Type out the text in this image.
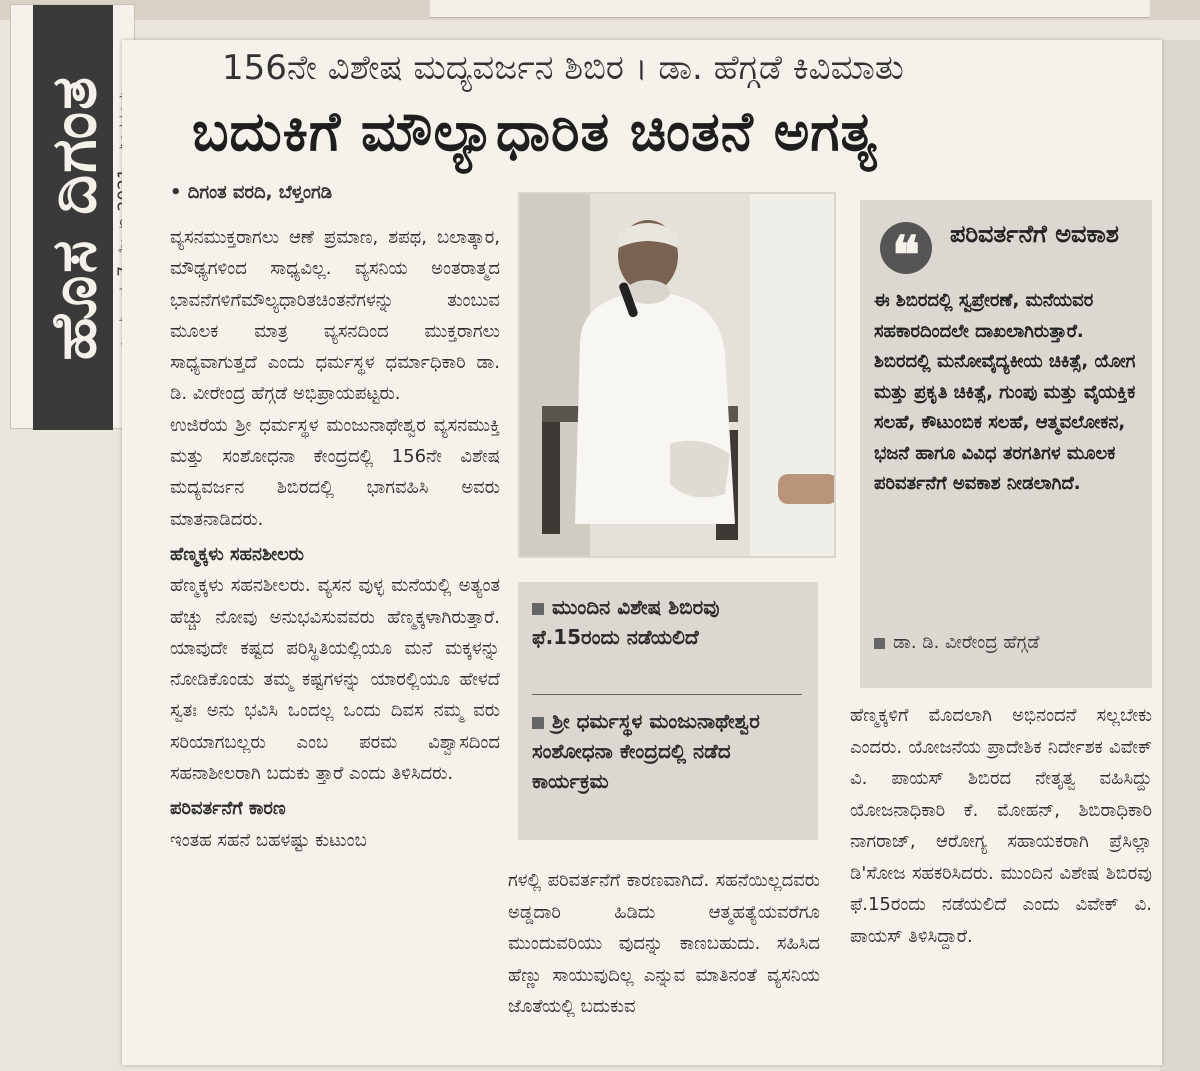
ಹೊಸ ದಿಗಂತ
156ನೇ ವಿಶೇಷ ಮದ್ಯವರ್ಜನ ಶಿಬಿರ । ಡಾ. ಹೆಗ್ಗಡೆ ಕಿವಿಮಾತು
ಬದುಕಿಗೆ ಮೌಲ್ಯಾಧಾರಿತ ಚಿಂತನೆ ಅಗತ್ಯ
• ದಿಗಂತ ವರದಿ, ಬೆಳ್ತಂಗಡಿ

ವ್ಯಸನಮುಕ್ತರಾಗಲು ಆಣೆ ಪ್ರಮಾಣ, ಶಪಥ, ಬಲಾತ್ಕಾರ, ಮೌಢ್ಯಗಳಿಂದ ಸಾಧ್ಯವಿಲ್ಲ. ವ್ಯಸನಿಯ ಅಂತರಾತ್ಮದ ಭಾವನೆಗಳಿಗೆಮೌಲ್ಯಧಾರಿತಚಿಂತನೆಗಳನ್ನು ತುಂಬುವ ಮೂಲಕ ಮಾತ್ರ ವ್ಯಸನದಿಂದ ಮುಕ್ತರಾಗಲು ಸಾಧ್ಯವಾಗುತ್ತದೆ ಎಂದು ಧರ್ಮಸ್ಥಳ ಧರ್ಮಾಧಿಕಾರಿ ಡಾ. ಡಿ. ವೀರೇಂದ್ರ ಹೆಗ್ಗಡೆ ಅಭಿಪ್ರಾಯಪಟ್ಟರು.

ಉಜಿರೆಯ ಶ್ರೀ ಧರ್ಮಸ್ಥಳ ಮಂಜುನಾಥೇಶ್ವರ ವ್ಯಸನಮುಕ್ತಿ ಮತ್ತು ಸಂಶೋಧನಾ ಕೇಂದ್ರದಲ್ಲಿ 156ನೇ ವಿಶೇಷ ಮದ್ಯವರ್ಜನ ಶಿಬಿರದಲ್ಲಿ ಭಾಗವಹಿಸಿ ಅವರು ಮಾತನಾಡಿದರು.

ಹೆಣ್ಮಕ್ಕಳು ಸಹನಶೀಲರು

ಹೆಣ್ಮಕ್ಕಳು ಸಹನಶೀಲರು. ವ್ಯಸನ ವುಳ್ಳ ಮನೆಯಲ್ಲಿ ಅತ್ಯಂತ ಹೆಚ್ಚು ನೋವು ಅನುಭವಿಸುವವರು ಹೆಣ್ಮಕ್ಕಳಾಗಿರುತ್ತಾರೆ. ಯಾವುದೇ ಕಷ್ಟದ ಪರಿಸ್ಥಿತಿಯಲ್ಲಿಯೂ ಮನೆ ಮಕ್ಕಳನ್ನು ನೋಡಿಕೊಂಡು ತಮ್ಮ ಕಷ್ಟಗಳನ್ನು ಯಾರಲ್ಲಿಯೂ ಹೇಳದೆ ಸ್ವತಃ ಅನು ಭವಿಸಿ ಒಂದಲ್ಲ ಒಂದು ದಿವಸ ನಮ್ಮ ವರು ಸರಿಯಾಗಬಲ್ಲರು ಎಂಬ ಪರಮ ವಿಶ್ವಾಸದಿಂದ ಸಹನಾಶೀಲರಾಗಿ ಬದುಕು ತ್ತಾರೆ ಎಂದು ತಿಳಿಸಿದರು.

ಪರಿವರ್ತನೆಗೆ ಕಾರಣ

ಇಂತಹ ಸಹನೆ ಬಹಳಷ್ಟು ಕುಟುಂಬ

ಮುಂದಿನ ವಿಶೇಷ ಶಿಬಿರವು ಫೆ.15ರಂದು ನಡೆಯಲಿದೆ
ಶ್ರೀ ಧರ್ಮಸ್ಥಳ ಮಂಜುನಾಥೇಶ್ವರ ಸಂಶೋಧನಾ ಕೇಂದ್ರದಲ್ಲಿ ನಡೆದ ಕಾರ್ಯಕ್ರಮ
ಗಳಲ್ಲಿ ಪರಿವರ್ತನೆಗೆ ಕಾರಣವಾಗಿದೆ. ಸಹನೆಯಿಲ್ಲದವರು ಅಡ್ಡದಾರಿ ಹಿಡಿದು ಆತ್ಮಹತ್ಯೆಯವರೆಗೂ ಮುಂದುವರಿಯು ವುದನ್ನು ಕಾಣಬಹುದು. ಸಹಿಸಿದ ಹೆಣ್ಣು ಸಾಯುವುದಿಲ್ಲ ಎನ್ನುವ ಮಾತಿನಂತೆ ವ್ಯಸನಿಯ ಜೊತೆಯಲ್ಲಿ ಬದುಕುವ
❝	ಪರಿವರ್ತನೆಗೆ ಅವಕಾಶ
ಈ ಶಿಬಿರದಲ್ಲಿ ಸ್ವಪ್ರೇರಣೆ, ಮನೆಯವರ ಸಹಕಾರದಿಂದಲೇ ದಾಖಲಾಗಿರುತ್ತಾರೆ. ಶಿಬಿರದಲ್ಲಿ ಮನೋವೈದ್ಯಕೀಯ ಚಿಕಿತ್ಸೆ, ಯೋಗ ಮತ್ತು ಪ್ರಕೃತಿ ಚಿಕಿತ್ಸೆ, ಗುಂಪು ಮತ್ತು ವೈಯಕ್ತಿಕ ಸಲಹೆ, ಕೌಟುಂಬಿಕ ಸಲಹೆ, ಆತ್ಮವಲೋಕನ, ಭಜನೆ ಹಾಗೂ ವಿವಿಧ ತರಗತಿಗಳ ಮೂಲಕ ಪರಿವರ್ತನೆಗೆ ಅವಕಾಶ ನೀಡಲಾಗಿದೆ.
ಡಾ. ಡಿ. ವೀರೇಂದ್ರ ಹೆಗ್ಗಡೆ
ಹೆಣ್ಮಕ್ಕಳಿಗೆ ಮೊದಲಾಗಿ ಅಭಿನಂದನೆ ಸಲ್ಲಬೇಕು ಎಂದರು. ಯೋಜನೆಯ ಪ್ರಾದೇಶಿಕ ನಿರ್ದೇಶಕ ವಿವೇಕ್ ವಿ. ಪಾಯಸ್ ಶಿಬಿರದ ನೇತೃತ್ವ ವಹಿಸಿದ್ದು ಯೋಜನಾಧಿಕಾರಿ ಕೆ. ಮೋಹನ್, ಶಿಬಿರಾಧಿಕಾರಿ ನಾಗರಾಜ್, ಆರೋಗ್ಯ ಸಹಾಯಕರಾಗಿ ಪ್ರೆಸಿಲ್ಲಾ ಡಿ'ಸೋಜ ಸಹಕರಿಸಿದರು. ಮುಂದಿನ ವಿಶೇಷ ಶಿಬಿರವು ಫೆ.15ರಂದು ನಡೆಯಲಿದೆ ಎಂದು ವಿವೇಕ್ ವಿ. ಪಾಯಸ್ ತಿಳಿಸಿದ್ದಾರೆ.
